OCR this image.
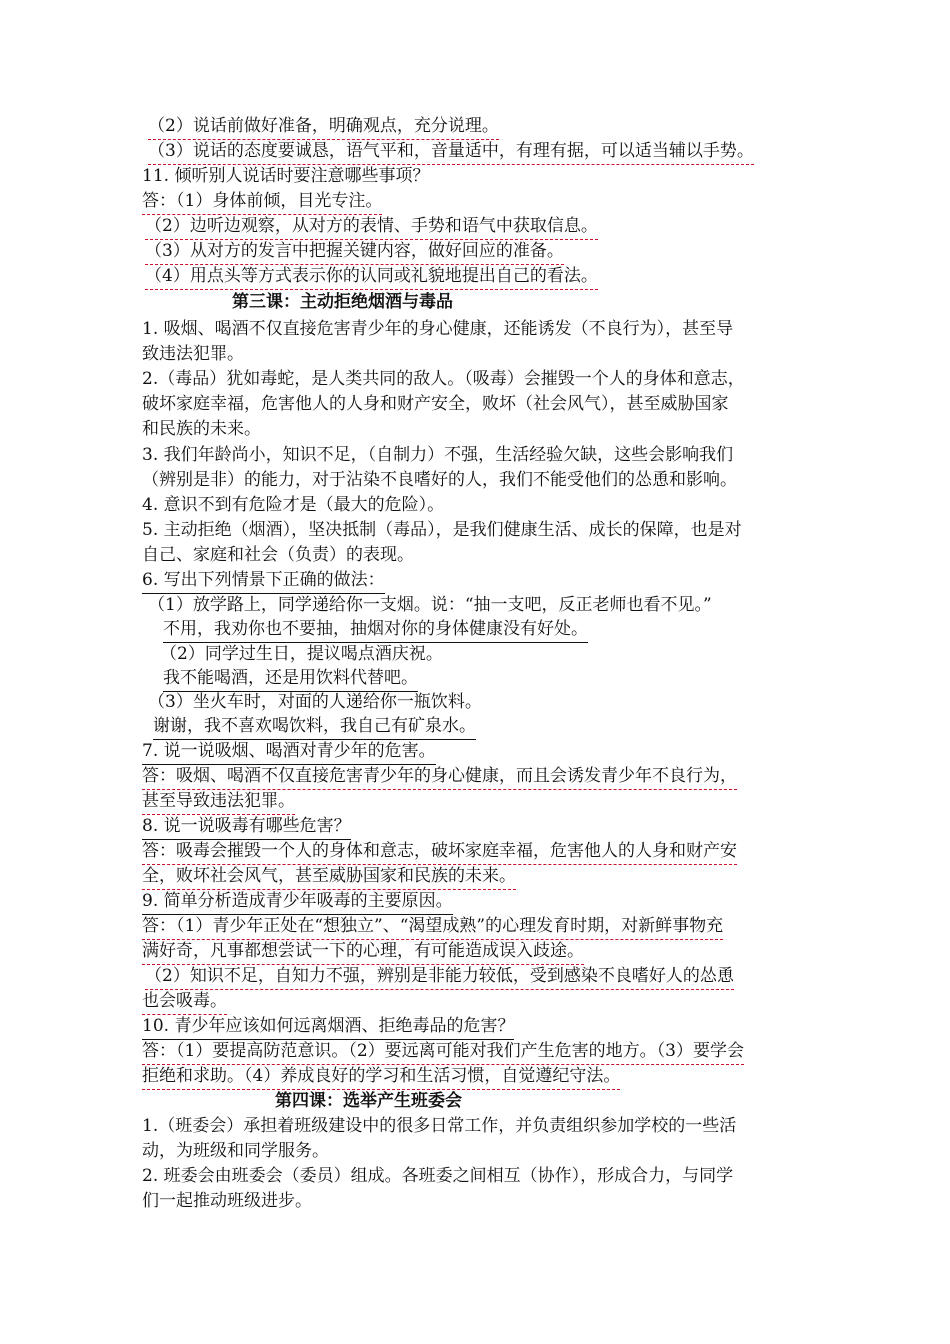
（2）说话前做好准备，明确观点，充分说理。
（3）说话的态度要诚恳，语气平和，音量适中，有理有据，可以适当辅以手势。
11. 倾听别人说话时要注意哪些事项？
答：（1）身体前倾，目光专注。
（2）边听边观察，从对方的表情、手势和语气中获取信息。
（3）从对方的发言中把握关键内容，做好回应的准备。
（4）用点头等方式表示你的认同或礼貌地提出自己的看法。
第三课：主动拒绝烟酒与毒品
1. 吸烟、喝酒不仅直接危害青少年的身心健康，还能诱发（不良行为），甚至导
致违法犯罪。
2.（毒品）犹如毒蛇，是人类共同的敌人。（吸毒）会摧毁一个人的身体和意志，
破坏家庭幸福，危害他人的人身和财产安全，败坏（社会风气），甚至威胁国家
和民族的未来。
3. 我们年龄尚小，知识不足，（自制力）不强，生活经验欠缺，这些会影响我们
（辨别是非）的能力，对于沾染不良嗜好的人，我们不能受他们的怂恿和影响。
4. 意识不到有危险才是（最大的危险）。
5. 主动拒绝（烟酒），坚决抵制（毒品），是我们健康生活、成长的保障，也是对
自己、家庭和社会（负责）的表现。
6. 写出下列情景下正确的做法：
（1）放学路上，同学递给你一支烟。说：“抽一支吧，反正老师也看不见。”
不用，我劝你也不要抽，抽烟对你的身体健康没有好处。
（2）同学过生日，提议喝点酒庆祝。
我不能喝酒，还是用饮料代替吧。
（3）坐火车时，对面的人递给你一瓶饮料。
谢谢，我不喜欢喝饮料，我自己有矿泉水。
7. 说一说吸烟、喝酒对青少年的危害。
答：吸烟、喝酒不仅直接危害青少年的身心健康，而且会诱发青少年不良行为，
甚至导致违法犯罪。
8. 说一说吸毒有哪些危害？
答：吸毒会摧毁一个人的身体和意志，破坏家庭幸福，危害他人的人身和财产安
全，败坏社会风气，甚至威胁国家和民族的未来。
9. 简单分析造成青少年吸毒的主要原因。
答：（1）青少年正处在“想独立”、“渴望成熟”的心理发育时期，对新鲜事物充
满好奇，凡事都想尝试一下的心理，有可能造成误入歧途。
（2）知识不足，自知力不强，辨别是非能力较低，受到感染不良嗜好人的怂恿
也会吸毒。
10. 青少年应该如何远离烟酒、拒绝毒品的危害？
答：（1）要提高防范意识。（2）要远离可能对我们产生危害的地方。（3）要学会
拒绝和求助。（4）养成良好的学习和生活习惯，自觉遵纪守法。
第四课：选举产生班委会
1.（班委会）承担着班级建设中的很多日常工作，并负责组织参加学校的一些活
动，为班级和同学服务。
2. 班委会由班委会（委员）组成。各班委之间相互（协作），形成合力，与同学
们一起推动班级进步。
